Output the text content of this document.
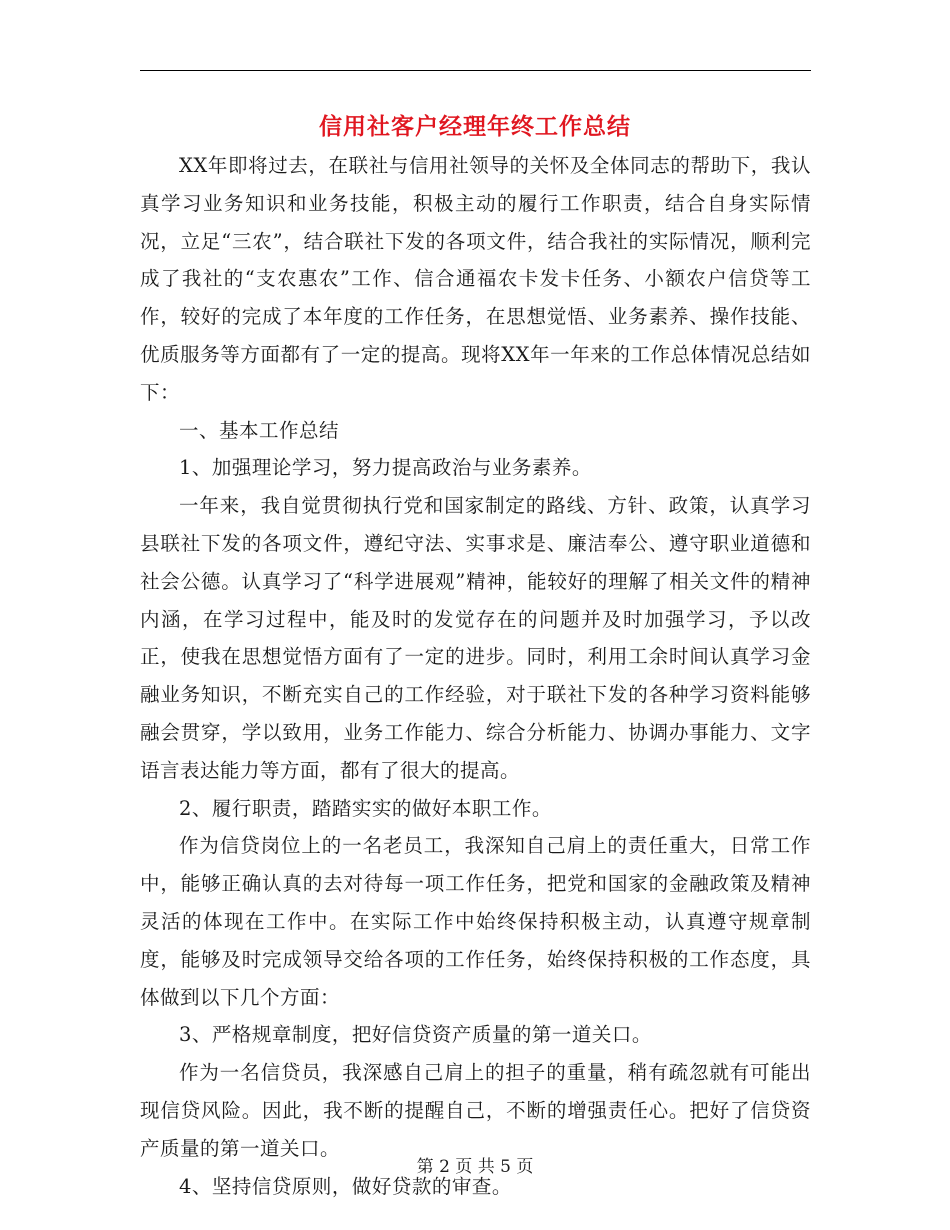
信用社客户经理年终工作总结

XX年即将过去，在联社与信用社领导的关怀及全体同志的帮助下，我认真学习业务知识和业务技能，积极主动的履行工作职责，结合自身实际情况，立足“三农”，结合联社下发的各项文件，结合我社的实际情况，顺利完成了我社的“支农惠农”工作、信合通福农卡发卡任务、小额农户信贷等工作，较好的完成了本年度的工作任务，在思想觉悟、业务素养、操作技能、优质服务等方面都有了一定的提高。现将XX年一年来的工作总体情况总结如下：

一、基本工作总结

1、加强理论学习，努力提高政治与业务素养。

一年来，我自觉贯彻执行党和国家制定的路线、方针、政策，认真学习县联社下发的各项文件，遵纪守法、实事求是、廉洁奉公、遵守职业道德和社会公德。认真学习了“科学进展观”精神，能较好的理解了相关文件的精神内涵，在学习过程中，能及时的发觉存在的问题并及时加强学习，予以改正，使我在思想觉悟方面有了一定的进步。同时，利用工余时间认真学习金融业务知识，不断充实自己的工作经验，对于联社下发的各种学习资料能够融会贯穿，学以致用，业务工作能力、综合分析能力、协调办事能力、文字语言表达能力等方面，都有了很大的提高。

2、履行职责，踏踏实实的做好本职工作。

作为信贷岗位上的一名老员工，我深知自己肩上的责任重大，日常工作中，能够正确认真的去对待每一项工作任务，把党和国家的金融政策及精神灵活的体现在工作中。在实际工作中始终保持积极主动，认真遵守规章制度，能够及时完成领导交给各项的工作任务，始终保持积极的工作态度，具体做到以下几个方面：

3、严格规章制度，把好信贷资产质量的第一道关口。

作为一名信贷员，我深感自己肩上的担子的重量，稍有疏忽就有可能出现信贷风险。因此，我不断的提醒自己，不断的增强责任心。把好了信贷资产质量的第一道关口。

4、坚持信贷原则，做好贷款的审查。

第 2 页 共 5 页
